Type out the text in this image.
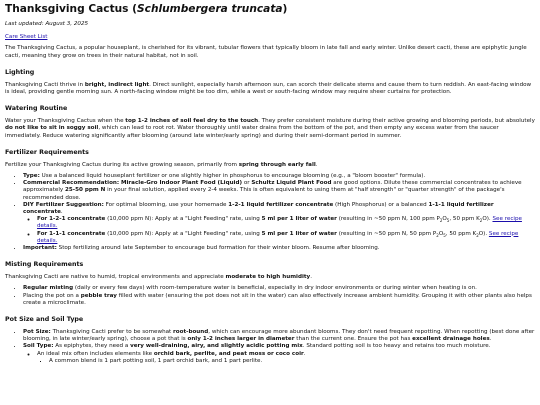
Thanksgiving Cactus (Schlumbergera truncata)

Last updated: August 3, 2025

Care Sheet List

The Thanksgiving Cactus, a popular houseplant, is cherished for its vibrant, tubular flowers that typically bloom in late fall and early winter. Unlike desert cacti, these are epiphytic jungle cacti, meaning they grow on trees in their natural habitat, not in soil.

Lighting

Thanksgiving Cacti thrive in bright, indirect light. Direct sunlight, especially harsh afternoon sun, can scorch their delicate stems and cause them to turn reddish. An east-facing window is ideal, providing gentle morning sun. A north-facing window might be too dim, while a west or south-facing window may require sheer curtains for protection.

Watering Routine

Water your Thanksgiving Cactus when the top 1-2 inches of soil feel dry to the touch. They prefer consistent moisture during their active growing and blooming periods, but absolutely do not like to sit in soggy soil, which can lead to root rot. Water thoroughly until water drains from the bottom of the pot, and then empty any excess water from the saucer immediately. Reduce watering significantly after blooming (around late winter/early spring) and during their semi-dormant period in summer.

Fertilizer Requirements

Fertilize your Thanksgiving Cactus during its active growing season, primarily from spring through early fall.

• Type: Use a balanced liquid houseplant fertilizer or one slightly higher in phosphorus to encourage blooming (e.g., a "bloom booster" formula).
• Commercial Recommendation: Miracle-Gro Indoor Plant Food (Liquid) or Schultz Liquid Plant Food are good options. Dilute these commercial concentrates to achieve approximately 25-50 ppm N in your final solution, applied every 2-4 weeks. This is often equivalent to using them at "half strength" or "quarter strength" of the package's recommended dose.
• DIY Fertilizer Suggestion: For optimal blooming, use your homemade 1-2-1 liquid fertilizer concentrate (High Phosphorus) or a balanced 1-1-1 liquid fertilizer concentrate.
◦ For 1-2-1 concentrate (10,000 ppm N): Apply at a "Light Feeding" rate, using 5 ml per 1 liter of water (resulting in ~50 ppm N, 100 ppm $P_2O_5$, 50 ppm $K_2O$). See recipe details.
◦ For 1-1-1 concentrate (10,000 ppm N): Apply at a "Light Feeding" rate, using 5 ml per 1 liter of water (resulting in ~50 ppm N, 50 ppm $P_2O_5$, 50 ppm $K_2O$). See recipe details.
• Important: Stop fertilizing around late September to encourage bud formation for their winter bloom. Resume after blooming.
Misting Requirements

Thanksgiving Cacti are native to humid, tropical environments and appreciate moderate to high humidity.

• Regular misting (daily or every few days) with room-temperature water is beneficial, especially in dry indoor environments or during winter when heating is on.
• Placing the pot on a pebble tray filled with water (ensuring the pot does not sit in the water) can also effectively increase ambient humidity. Grouping it with other plants also helps create a microclimate.
Pot Size and Soil Type
• Pot Size: Thanksgiving Cacti prefer to be somewhat root-bound, which can encourage more abundant blooms. They don't need frequent repotting. When repotting (best done after blooming, in late winter/early spring), choose a pot that is only 1-2 inches larger in diameter than the current one. Ensure the pot has excellent drainage holes.
• Soil Type: As epiphytes, they need a very well-draining, airy, and slightly acidic potting mix. Standard potting soil is too heavy and retains too much moisture.
◦ An ideal mix often includes elements like orchid bark, perlite, and peat moss or coco coir.
▪ A common blend is 1 part potting soil, 1 part orchid bark, and 1 part perlite.
